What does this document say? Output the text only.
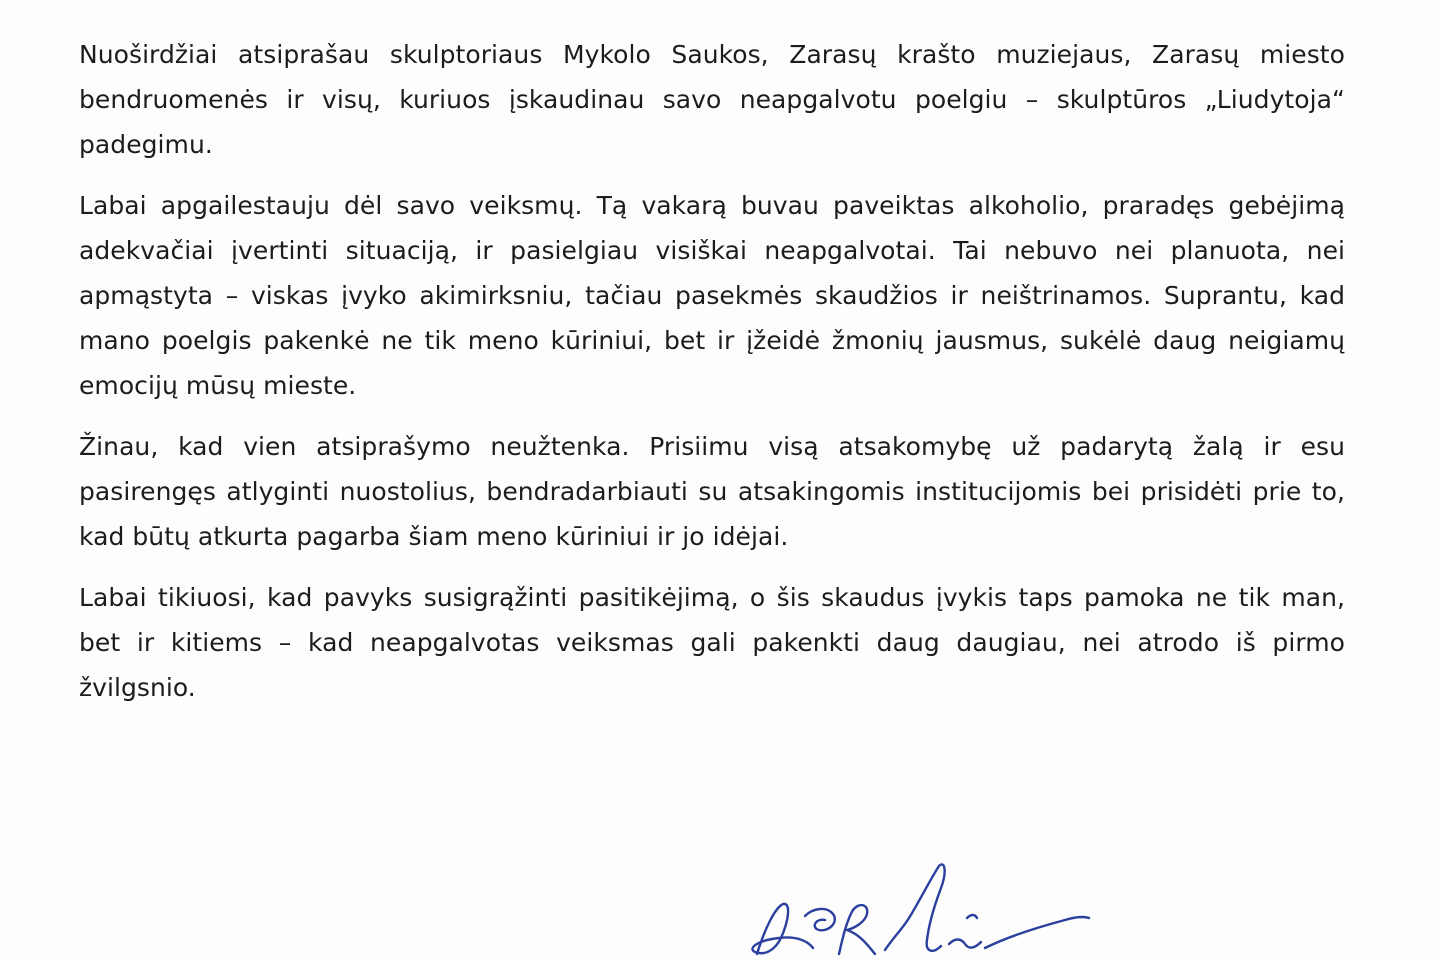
Nuoširdžiai atsiprašau skulptoriaus Mykolo Saukos, Zarasų krašto muziejaus, Zarasų miesto bendruomenės ir visų, kuriuos įskaudinau savo neapgalvotu poelgiu – skulptūros „Liudytoja“ padegimu.

Labai apgailestauju dėl savo veiksmų. Tą vakarą buvau paveiktas alkoholio, praradęs gebėjimą adekvačiai įvertinti situaciją, ir pasielgiau visiškai neapgalvotai. Tai nebuvo nei planuota, nei apmąstyta – viskas įvyko akimirksniu, tačiau pasekmės skaudžios ir neištrinamos. Suprantu, kad mano poelgis pakenkė ne tik meno kūriniui, bet ir įžeidė žmonių jausmus, sukėlė daug neigiamų emocijų mūsų mieste.

Žinau, kad vien atsiprašymo neužtenka. Prisiimu visą atsakomybę už padarytą žalą ir esu pasirengęs atlyginti nuostolius, bendradarbiauti su atsakingomis institucijomis bei prisidėti prie to, kad būtų atkurta pagarba šiam meno kūriniui ir jo idėjai.

Labai tikiuosi, kad pavyks susigrąžinti pasitikėjimą, o šis skaudus įvykis taps pamoka ne tik man, bet ir kitiems – kad neapgalvotas veiksmas gali pakenkti daug daugiau, nei atrodo iš pirmo žvilgsnio.
